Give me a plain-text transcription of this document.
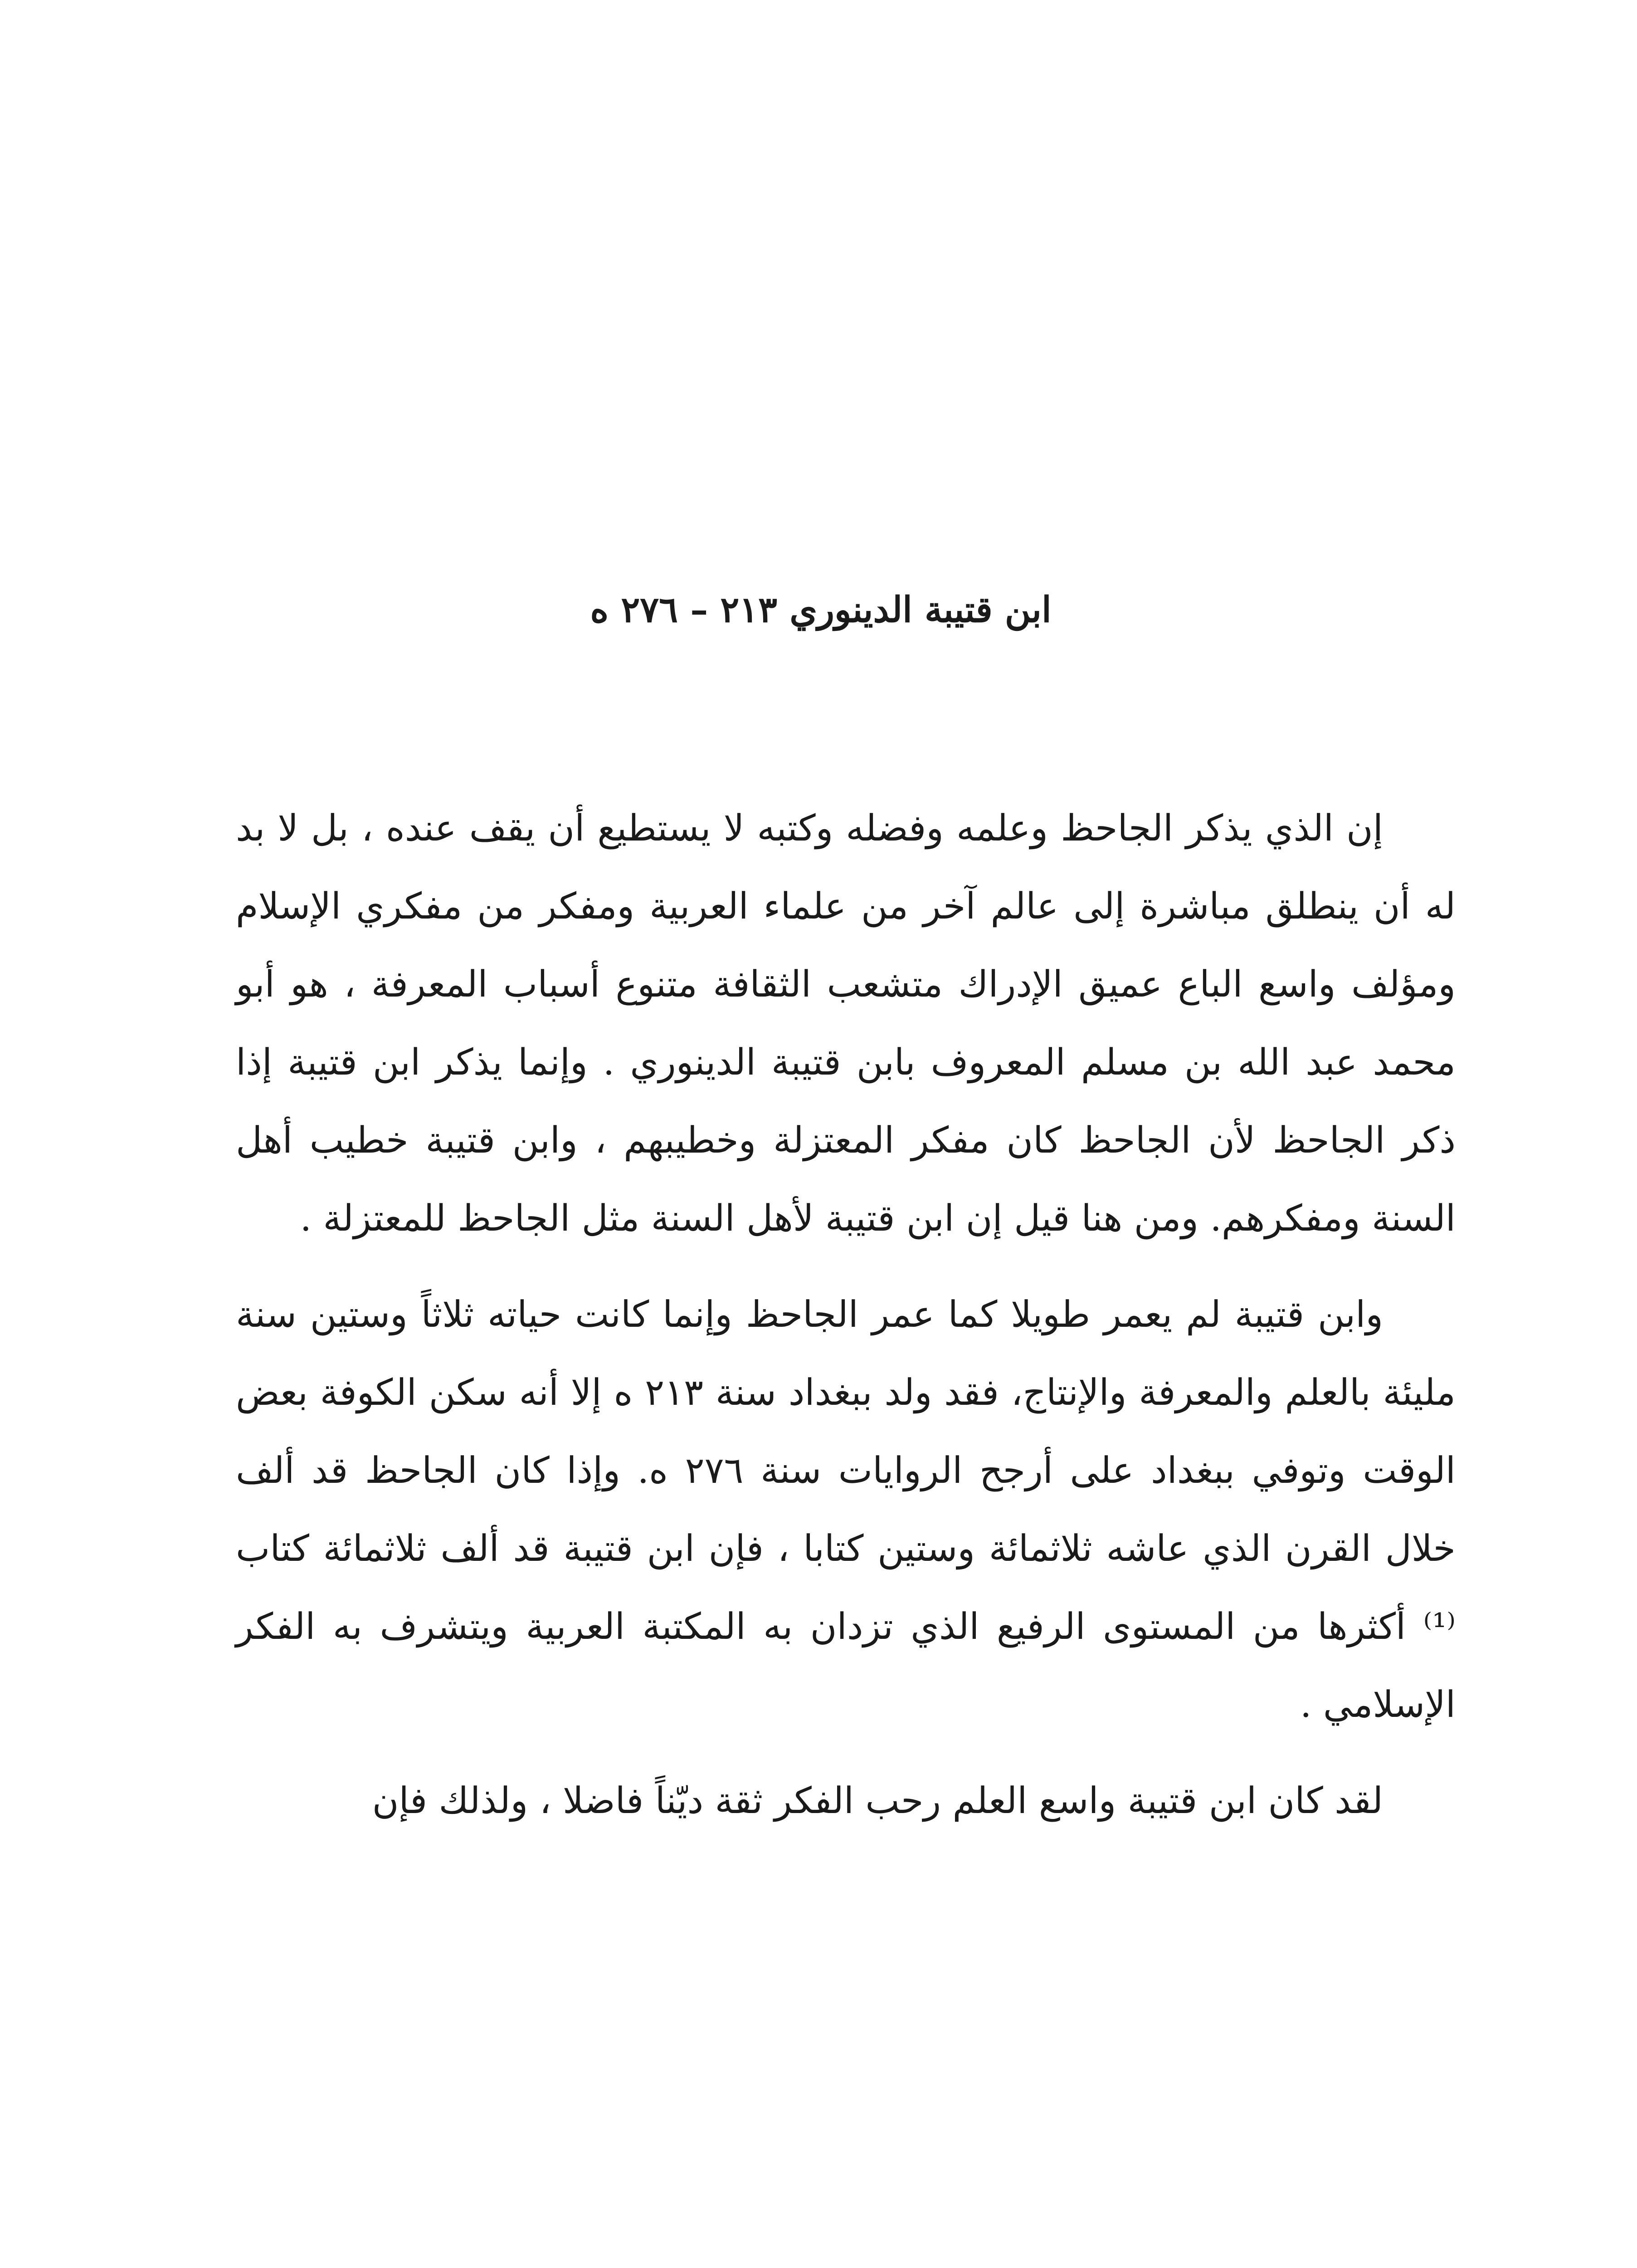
ابن قتيبة الدينوري ٢١٣ – ٢٧٦ ه

إن الذي يذكر الجاحظ وعلمه وفضله وكتبه لا يستطيع أن يقف عنده ، بل لا بد له أن ينطلق مباشرة إلى عالم آخر من علماء العربية ومفكر من مفكري الإسلام ومؤلف واسع الباع عميق الإدراك متشعب الثقافة متنوع أسباب المعرفة ، هو أبو محمد عبد الله بن مسلم المعروف بابن قتيبة الدينوري . وإنما يذكر ابن قتيبة إذا ذكر الجاحظ لأن الجاحظ كان مفكر المعتزلة وخطيبهم ، وابن قتيبة خطيب أهل السنة ومفكرهم. ومن هنا قيل إن ابن قتيبة لأهل السنة مثل الجاحظ للمعتزلة .

وابن قتيبة لم يعمر طويلا كما عمر الجاحظ وإنما كانت حياته ثلاثاً وستين سنة مليئة بالعلم والمعرفة والإنتاج، فقد ولد ببغداد سنة ٢١٣ ه إلا أنه سكن الكوفة بعض الوقت وتوفي ببغداد على أرجح الروايات سنة ٢٧٦ ه. وإذا كان الجاحظ قد ألف خلال القرن الذي عاشه ثلاثمائة وستين كتابا ، فإن ابن قتيبة قد ألف ثلاثمائة كتاب ⁽¹⁾ أكثرها من المستوى الرفيع الذي تزدان به المكتبة العربية ويتشرف به الفكر الإسلامي .

لقد كان ابن قتيبة واسع العلم رحب الفكر ثقة ديّناً فاضلا ، ولذلك فإن
